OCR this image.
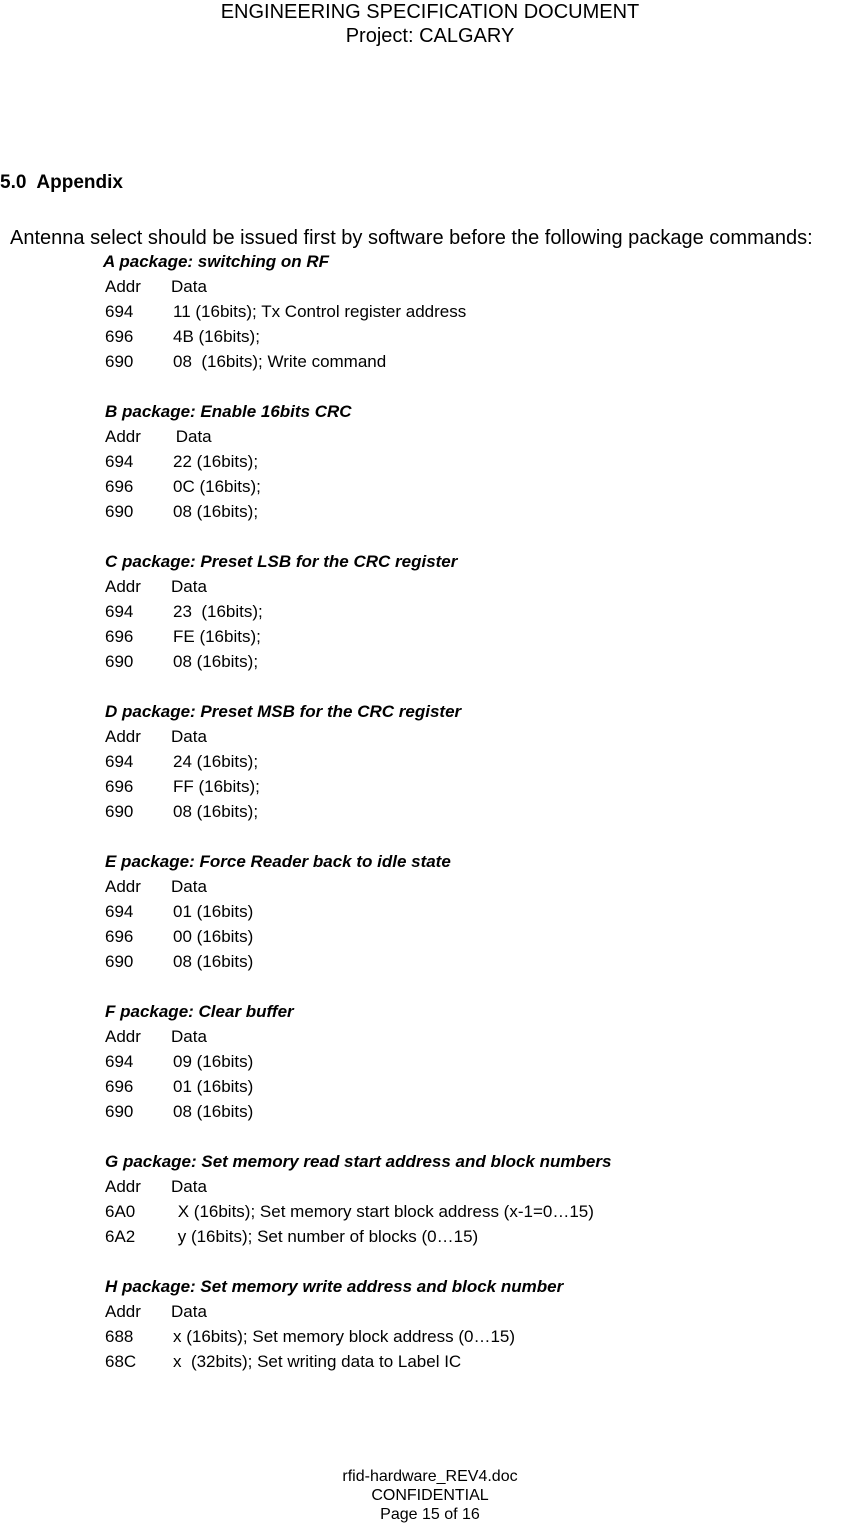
ENGINEERING SPECIFICATION DOCUMENT
Project: CALGARY
5.0 Appendix
Antenna select should be issued first by software before the following package commands:
A package: switching on RF
Addr	Data
694	11 (16bits); Tx Control register address
696	4B (16bits);
690	08  (16bits); Write command
B package: Enable 16bits CRC
Addr	Data
694	22 (16bits);
696	0C (16bits);
690	08 (16bits);
C package: Preset LSB for the CRC register
Addr	Data
694	23  (16bits);
696	FE (16bits);
690	08 (16bits);
D package: Preset MSB for the CRC register
Addr	Data
694	24 (16bits);
696	FF (16bits);
690	08 (16bits);
E package: Force Reader back to idle state
Addr	Data
694	01 (16bits)
696	00 (16bits)
690	08 (16bits)
F package: Clear buffer
Addr	Data
694	09 (16bits)
696	01 (16bits)
690	08 (16bits)
G package: Set memory read start address and block numbers
Addr	Data
6A0	X (16bits); Set memory start block address (x-1=0…15)
6A2	y (16bits); Set number of blocks (0…15)
H package: Set memory write address and block number
Addr	Data
688	x (16bits); Set memory block address (0…15)
68C	x  (32bits); Set writing data to Label IC
rfid-hardware_REV4.doc
CONFIDENTIAL
Page 15 of 16
